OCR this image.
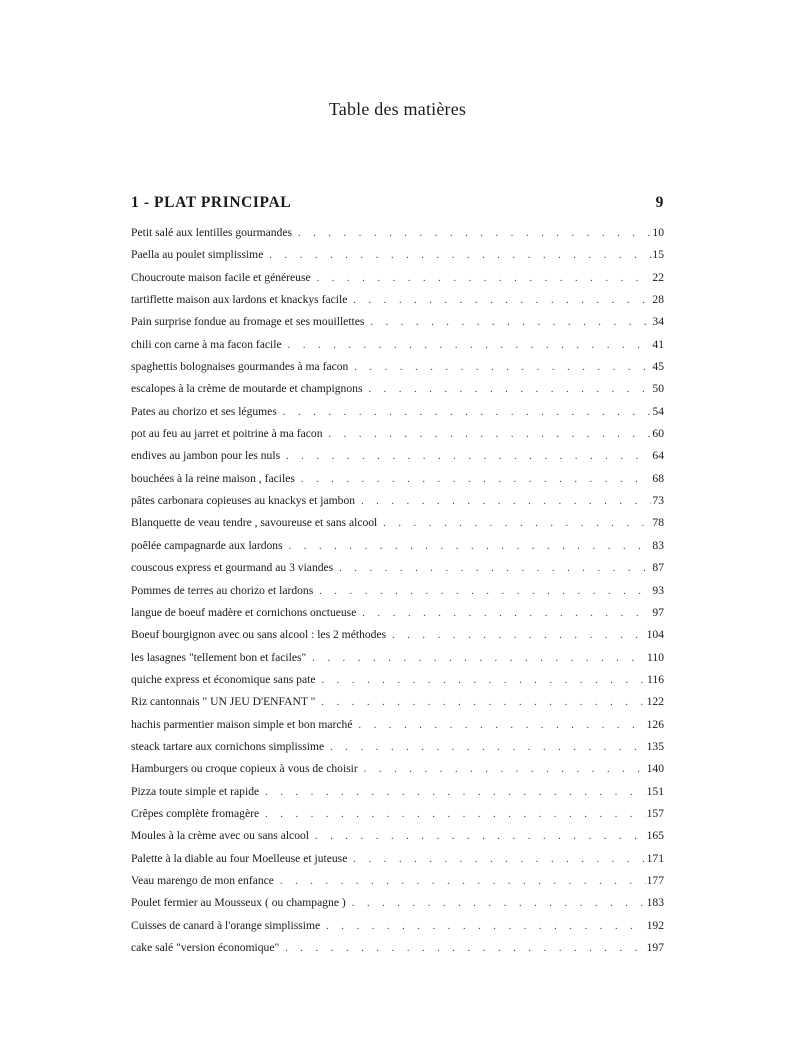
Table des matières
1 - PLAT PRINCIPAL	9
Petit salé aux lentilles gourmandes . . .	10
Paella au poulet simplissime . . .	15
Choucroute maison facile et généreuse . . .	22
tartiflette maison aux lardons et knackys facile . . .	28
Pain surprise fondue au fromage et ses mouillettes . . .	34
chili con carne à ma facon facile . . .	41
spaghettis bolognaises gourmandes à ma facon . . .	45
escalopes à la crème de moutarde et champignons . . .	50
Pates au chorizo et ses légumes . . .	54
pot au feu au jarret et poitrine à ma facon . . .	60
endives au jambon pour les nuls . . .	64
bouchées à la reine maison , faciles . . .	68
pâtes carbonara copieuses au knackys et jambon . . .	73
Blanquette de veau tendre , savoureuse et sans alcool . . .	78
poêlée campagnarde aux lardons . . .	83
couscous express et gourmand au 3 viandes . . .	87
Pommes de terres au chorizo et lardons . . .	93
langue de boeuf madère et cornichons onctueuse . . .	97
Boeuf bourgignon avec ou sans alcool : les 2 méthodes . . .	104
les lasagnes "tellement bon et faciles" . . .	110
quiche express et économique sans pate . . .	116
Riz cantonnais " UN JEU D'ENFANT " . . .	122
hachis parmentier maison simple et bon marché . . .	126
steack tartare aux cornichons simplissime . . .	135
Hamburgers ou croque copieux à vous de choisir . . .	140
Pizza toute simple et rapide . . .	151
Crêpes complète fromagère . . .	157
Moules à la crème avec ou sans alcool . . .	165
Palette à la diable au four Moelleuse et juteuse . . .	171
Veau marengo de mon enfance . . .	177
Poulet fermier au Mousseux ( ou champagne ) . . .	183
Cuisses de canard à l'orange simplissime . . .	192
cake salé "version économique" . . .	197
